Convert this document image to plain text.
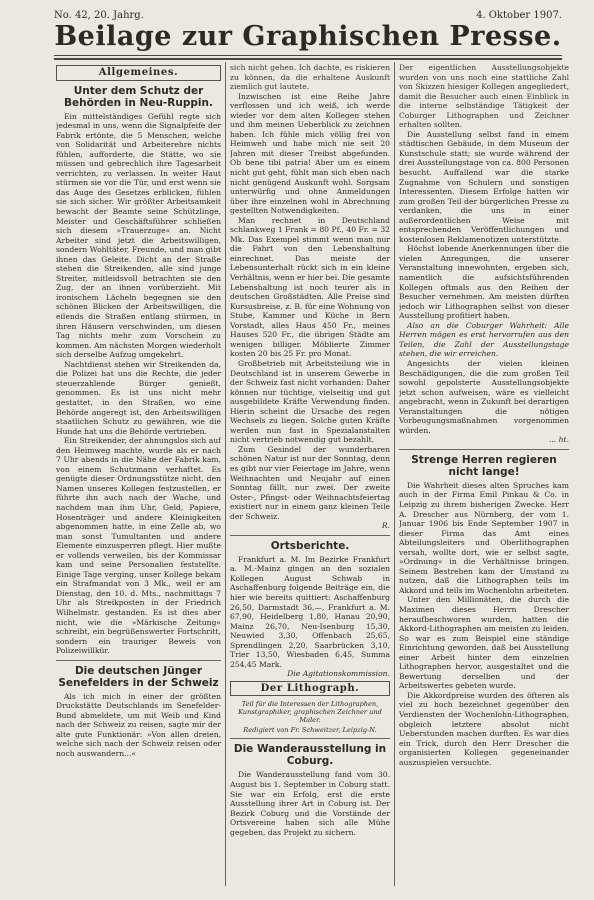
No. 42, 20. Jahrg.	4. Oktober 1907.
Beilage zur Graphischen Presse.
Allgemeines.
Unter dem Schutz der Behörden in Neu-Ruppin.

Ein mittelständiges Gefühl regte sich jedesmal in uns, wenn die Signalpfeife der Fabrik ertönte, die 5 Menschen, welche von Solidarität und Arbeiterehre nichts fühlen, aufforderte, die Stätte, wo sie müssen und gebrechlich ihre Tagesarbeit verrichten, zu verlassen. In weiter Haut stürmen sie vor die Tür, und erst wenn sie das Auge des Gesetzes erblicken, fühlen sie sich sicher. Wir größter Arbeitsamkeit bewacht der Beamte seine Schützlinge, Meister und Geschäftsführer schließen sich diesem »Trauerzuge« an. Nicht Arbeiter sind jetzt die Arbeitswilligen, sondern Wohltäter, Freunde, und man gibt ihnen das Geleite. Dicht an der Straße stehen die Streikenden, alle sind junge Streiter, mitleidsvoll betrachten sie den Zug, der an ihnen vorüberzieht. Mit ironischem Lächeln begegnen sie den schönen Blicken der Arbeitswilligen, die eilends die Straßen entlang stürmen, in ihren Häusern verschwinden, um diesen Tag nichts mehr zum Vorschein zu kommen. Am nächsten Morgen wiederholt sich derselbe Aufzug umgekehrt.

Nachtdienst stehen wir Streikenden da, die Polizei hat uns die Rechte, die jeder steuerzahlende Bürger genießt, genommen. Es ist uns nicht mehr gestattet, in den Straßen, wo eine Behörde angeregt ist, den Arbeitswilligen staatlichen Schutz zu gewähren, wie die Hunde hat uns die Behörde vertrieben.

Ein Streikender, der ahnungslos sich auf den Heimweg machte, wurde als er nach 7 Uhr abends in die Nähe der Fabrik kam, von einem Schutzmann verhaftet. Es genügte dieser Ordnungsstütze nicht, den Namen unseres Kollegen festzustellen, er führte ihn auch nach der Wache, und nachdem man ihm Uhr, Geld, Papiere, Hosenträger und andere Kleinigkeiten abgenommen hatte, in eine Zelle ab, wo man sonst Tumultanten und andere Elemente einzusperren pflegt. Hier mußte er vollends verweilen, bis der Kommissar kam und seine Personalien feststellte. Einige Tage verging, unser Kollege bekam ein Strafmandat von 3 Mk., weil er am Dienstag, den 10. d. Mts., nachmittags 7 Uhr als Streikposten in der Friedrich Wilhelmstr. gestanden. Es ist dies aber nicht, wie die »Märkische Zeitung« schreibt, ein begrüßenswerter Fortschritt, sondern ein trauriger Beweis von Polizeiwillkür.

Die deutschen Jünger Senefelders in der Schweiz

Als ich mich in einer der größten Druckstätte Deutschlands im Senefelder-Bund abmeldete, um mit Weib und Kind nach der Schweiz zu reisen, sagte mir der alte gute Funktionär: »Von allen dreien, welche sich nach der Schweiz reisen oder noch auswandern...«

sich nicht gehen. Ich dachte, es riskieren zu können, da die erhaltene Auskunft ziemlich gut lautete.

Inzwischen ist eine Reihe Jahre verflossen und ich weiß, ich werde wieder vor dem alten Kollegen stehen und ihm meinen Ueberblick zu zeichnen haben. Ich fühle mich völlig frei von Heimweh und habe mich nie seit 20 Jahren mit dieser Treibst abgefunden. Ob bene tibi patria! Aber um es einem nicht gut geht, fühlt man sich eben nach nicht genügend Auskunft wohl. Sorgsam unterwürfig und ohne Anmeldungen über ihre einzelnen wohl in Abrechnung gestellten Notwendigkeiten.

Man rechnet in Deutschland schlankweg 1 Frank = 80 Pf., 40 Fr. = 32 Mk. Das Exempel stimmt wenn man nur die Fahrt von den Lebenshaltung einrechnet. Das meiste der Lebensunterhalt rückt sich in ein kleine Verhältnis, wenn er hier bei. Die gesamte Lebenshaltung ist noch teurer als in deutschen Großstädten. Alle Preise sind Kursusbreise, z. B. für eine Wohnung von Stube, Kammer und Küche in Bern Vorstadt, alles Haus 450 Fr., meines Hauses 520 Fr., die übrigen Städte am wenigen billiger. Möblierte Zimmer kosten 20 bis 25 Fr. pro Monat.

Großbetrieb mit Arbeitsteilung wie in Deutschland ist in unserem Gewerbe in der Schweiz fast nicht vorhanden: Daher können nur tüchtige, vielseitig und gut ausgebildete Kräfte Verwendung finden. Hierin scheint die Ursache des regen Wechsels zu liegen. Solche guten Kräfte werden nun fast in Spezialanstalten nicht vertrieb notwendig gut bezahlt.

Zum Gesindel der wunderbaren schönen Natur ist nur der Sonntag, denn es gibt nur vier Feiertage im Jahre, wenn Weihnachten und Neujahr auf einen Sonntag fällt, nur zwei. Der zweite Oster-, Pfingst- oder Weihnachtsfeiertag existiert nur in einem ganz kleinen Teile der Schweiz.

R.
Ortsberichte.

Frankfurt a. M. Im Bezirke Frankfurt a. M.-Mainz gingen an den sozialen Kollegen August Schwab in Aschaffenburg folgende Beiträge ein, die hier wie bereits quittiert: Aschaffenburg 26,50, Darmstadt 36,—, Frankfurt a. M. 67,90, Heidelberg 1,80, Hanau 20,90, Mainz 26,70, Neu-Isenburg 15,30, Neuwied 3,30, Offenbach 25,65, Sprendlingen 2,20, Saarbrücken 3,10, Trier 13,50, Wiesbaden 6,45, Summa 254,45 Mark.

Die Agitationskommission.
Der Lithograph.
Teil für die Interessen der Lithographen, Kunstgraphiker, graphischen Zeichner und Maler.
Redigiert von Fr. Schweitzer, Leipzig-N.
Die Wanderausstellung in Coburg.

Die Wanderausstellung fand vom 30. August bis 1. September in Coburg statt. Sie war ein Erfolg, erst die erste Ausstellung ihrer Art in Coburg ist. Der Bezirk Coburg und die Vorstände der Ortsvereine haben sich alle Mühe gegeben, das Projekt zu sichern.

Der eigentlichen Ausstellungsobjekte wurden von uns noch eine stattliche Zahl von Skizzen hiesiger Kollegen angegliedert, damit die Besucher auch einen Einblick in die interne selbständige Tätigkeit der Coburger Lithographen und Zeichner erhalten sollten.

Die Ausstellung selbst fand in einem städtischen Gebäude, in dem Museum der Kunstschule statt; sie wurde während der drei Ausstellungstage von ca. 800 Personen besucht. Auffallend war die starke Zugnahme von Schulern und sonstigen Interessenten. Diesem Erfolge hatten wir zum großen Teil der bürgerlichen Presse zu verdanken, die uns in einer außerordentlichen Weise mit entsprechenden Veröffentlichungen und kostenlosen Reklamenotizen unterstützte.

Höchst lobende Anerkennungen über die vielen Anregungen, die unserer Veranstaltung innewohnten, ergeben sich, namentlich die aufsichtsführenden Kollegen oftmals aus den Reihen der Besucher vernehmen. Am meisten dürften jedoch wir Lithographen selbst von dieser Ausstellung profitiert haben.

Also an die Coburger Wahrheit: Alle Herren mögen es erst hervorrufen aus den Teilen, die Zahl der Ausstellungstage stehen, die wir erreichen.

Angesichts der vielen kleinen Beschädigungen, die die zum großen Teil sowohl gepolsterte Ausstellungsobjekte jetzt schon aufweisen, wäre es vielleicht angebracht, wenn in Zukunft bei derartigen Veranstaltungen die nötigen Vorbeugungsmaßnahmen vorgenommen würden.

... ht.
Strenge Herren regieren nicht lange!

Die Wahrheit dieses alten Spruches kam auch in der Firma Emil Pinkau & Co. in Leipzig zu ihrem bisherigen Zwecke. Herr A. Drescher aus Nürnberg, der vom 1. Januar 1906 bis Ende September 1907 in dieser Firma das Amt eines Abteilungsleiters und Oberlithographen versah, wollte dort, wie er selbst sagte, »Ordnung« in die Verhältnisse bringen. Seinem Bestreben kam der Umstand zu nutzen, daß die Lithographen teils im Akkord und teils im Wochenlohn arbeiteten.

Unter den Millionäten, die durch die Maximen dieses Herrn Drescher heraufbeschworen wurden, hatten die Akkord-Lithographen am meisten zu leiden. So war es zum Beispiel eine ständige Einrichtung geworden, daß bei Ausstellung einer Arbeit hinter dem einzelnen Lithographen hervor, ausgestaltet und die Bewertung derselben und der Arbeitswertes gebeten wurde.

Die Akkordpreise wurden des öfteren als viel zu hoch bezeichnet gegenüber den Verdiensten der Wochenlohn-Lithographen, obgleich letztere absolut nicht Ueberstunden machen durften. Es war dies ein Trick, durch den Herr Drescher die organisierten Kollegen gegeneinander auszuspielen versuchte.
